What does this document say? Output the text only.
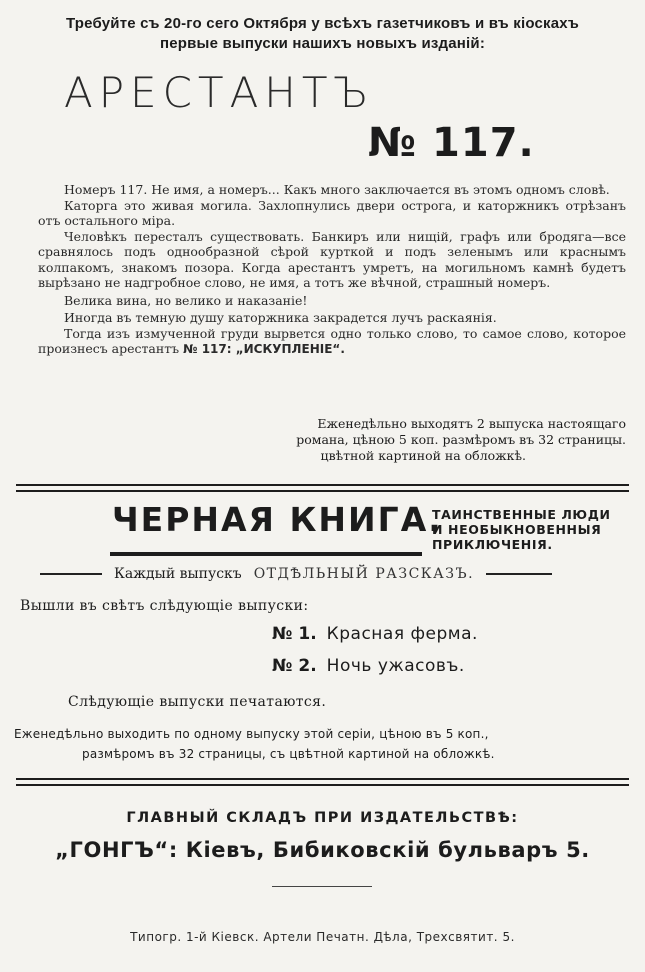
Требуйте съ 20-го сего Октября у всѣхъ газетчиковъ и въ кіоскахъ
первые выпуски нашихъ новыхъ изданій:
АРЕСТАНТЪ
№ 117.

Номеръ 117. Не имя, а номеръ... Какъ много заключается въ этомъ одномъ словѣ.

Каторга это живая могила. Захлопнулись двери острога, и каторжникъ отрѣзанъ отъ остального міра.

Человѣкъ пересталъ существовать. Банкиръ или нищій, графъ или бродяга—все сравнялось подъ однообразной сѣрой курткой и подъ зеленымъ или краснымъ колпакомъ, знакомъ позора. Когда арестантъ умретъ, на могильномъ камнѣ будетъ вырѣзано не надгробное слово, не имя, а тотъ же вѣчной, страшный номеръ.

Велика вина, но велико и наказаніе!

Иногда въ темную душу каторжника закрадется лучъ раскаянія.

Тогда изъ измученной груди вырвется одно только слово, то самое слово, которое произнесъ арестантъ № 117: „ИСКУПЛЕНІЕ“.

Еженедѣльно выходятъ 2 выпуска настоящаго
романа, цѣною 5 коп. размѣромъ въ 32 страницы.
цвѣтной картиной на обложкѣ.
ЧЕРНАЯ КНИГА.
ТАИНСТВЕННЫЕ ЛЮДИ
И НЕОБЫКНОВЕННЫЯ
ПРИКЛЮЧЕНІЯ.
Каждый выпускъ ОТДѢЛЬНЫЙ РАЗСКАЗЪ.
Вышли въ свѣтъ слѣдующіе выпуски:
№ 1. Красная ферма.
№ 2. Ночь ужасовъ.
Слѣдующіе выпуски печатаются.
Еженедѣльно выходить по одному выпуску этой серіи, цѣною въ 5 коп.,
размѣромъ въ 32 страницы, съ цвѣтной картиной на обложкѣ.
ГЛАВНЫЙ СКЛАДЪ ПРИ ИЗДАТЕЛЬСТВѢ:
„ГОНГЪ“: Кіевъ, Бибиковскій бульваръ 5.
Типогр. 1-й Кіевск. Артели Печатн. Дѣла, Трехсвятит. 5.
